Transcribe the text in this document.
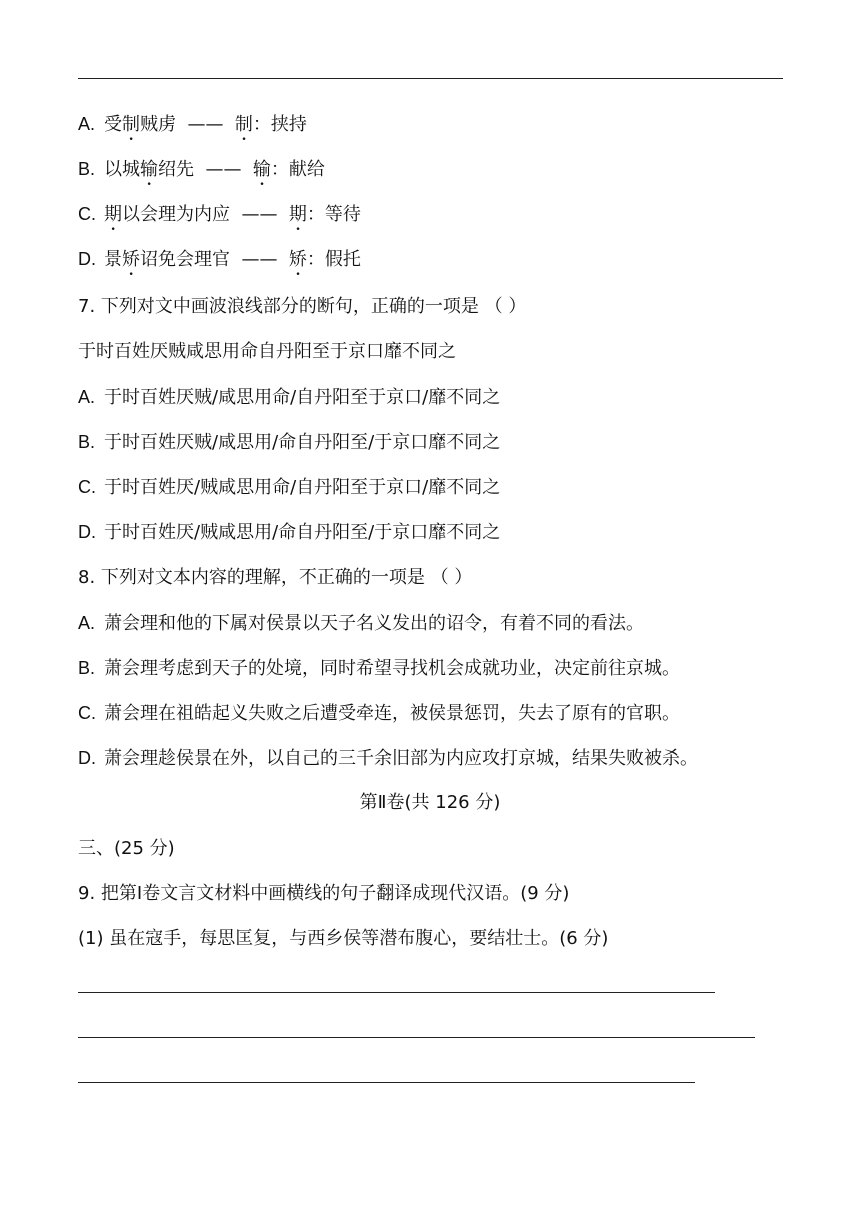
A. 受制贼虏 —— 制：挟持
B. 以城输绍先 —— 输：献给
C. 期以会理为内应 —— 期：等待
D. 景矫诏免会理官 —— 矫：假托
7. 下列对文中画波浪线部分的断句，正确的一项是 （ ）
于时百姓厌贼咸思用命自丹阳至于京口靡不同之
A. 于时百姓厌贼/咸思用命/自丹阳至于京口/靡不同之
B. 于时百姓厌贼/咸思用/命自丹阳至/于京口靡不同之
C. 于时百姓厌/贼咸思用命/自丹阳至于京口/靡不同之
D. 于时百姓厌/贼咸思用/命自丹阳至/于京口靡不同之
8. 下列对文本内容的理解，不正确的一项是 （ ）
A. 萧会理和他的下属对侯景以天子名义发出的诏令，有着不同的看法。
B. 萧会理考虑到天子的处境，同时希望寻找机会成就功业，决定前往京城。
C. 萧会理在祖皓起义失败之后遭受牵连，被侯景惩罚，失去了原有的官职。
D. 萧会理趁侯景在外，以自己的三千余旧部为内应攻打京城，结果失败被杀。
第Ⅱ卷(共 126 分)
三、(25 分)
9. 把第Ⅰ卷文言文材料中画横线的句子翻译成现代汉语。(9 分)
(1) 虽在寇手，每思匡复，与西乡侯等潜布腹心，要结壮士。(6 分)
